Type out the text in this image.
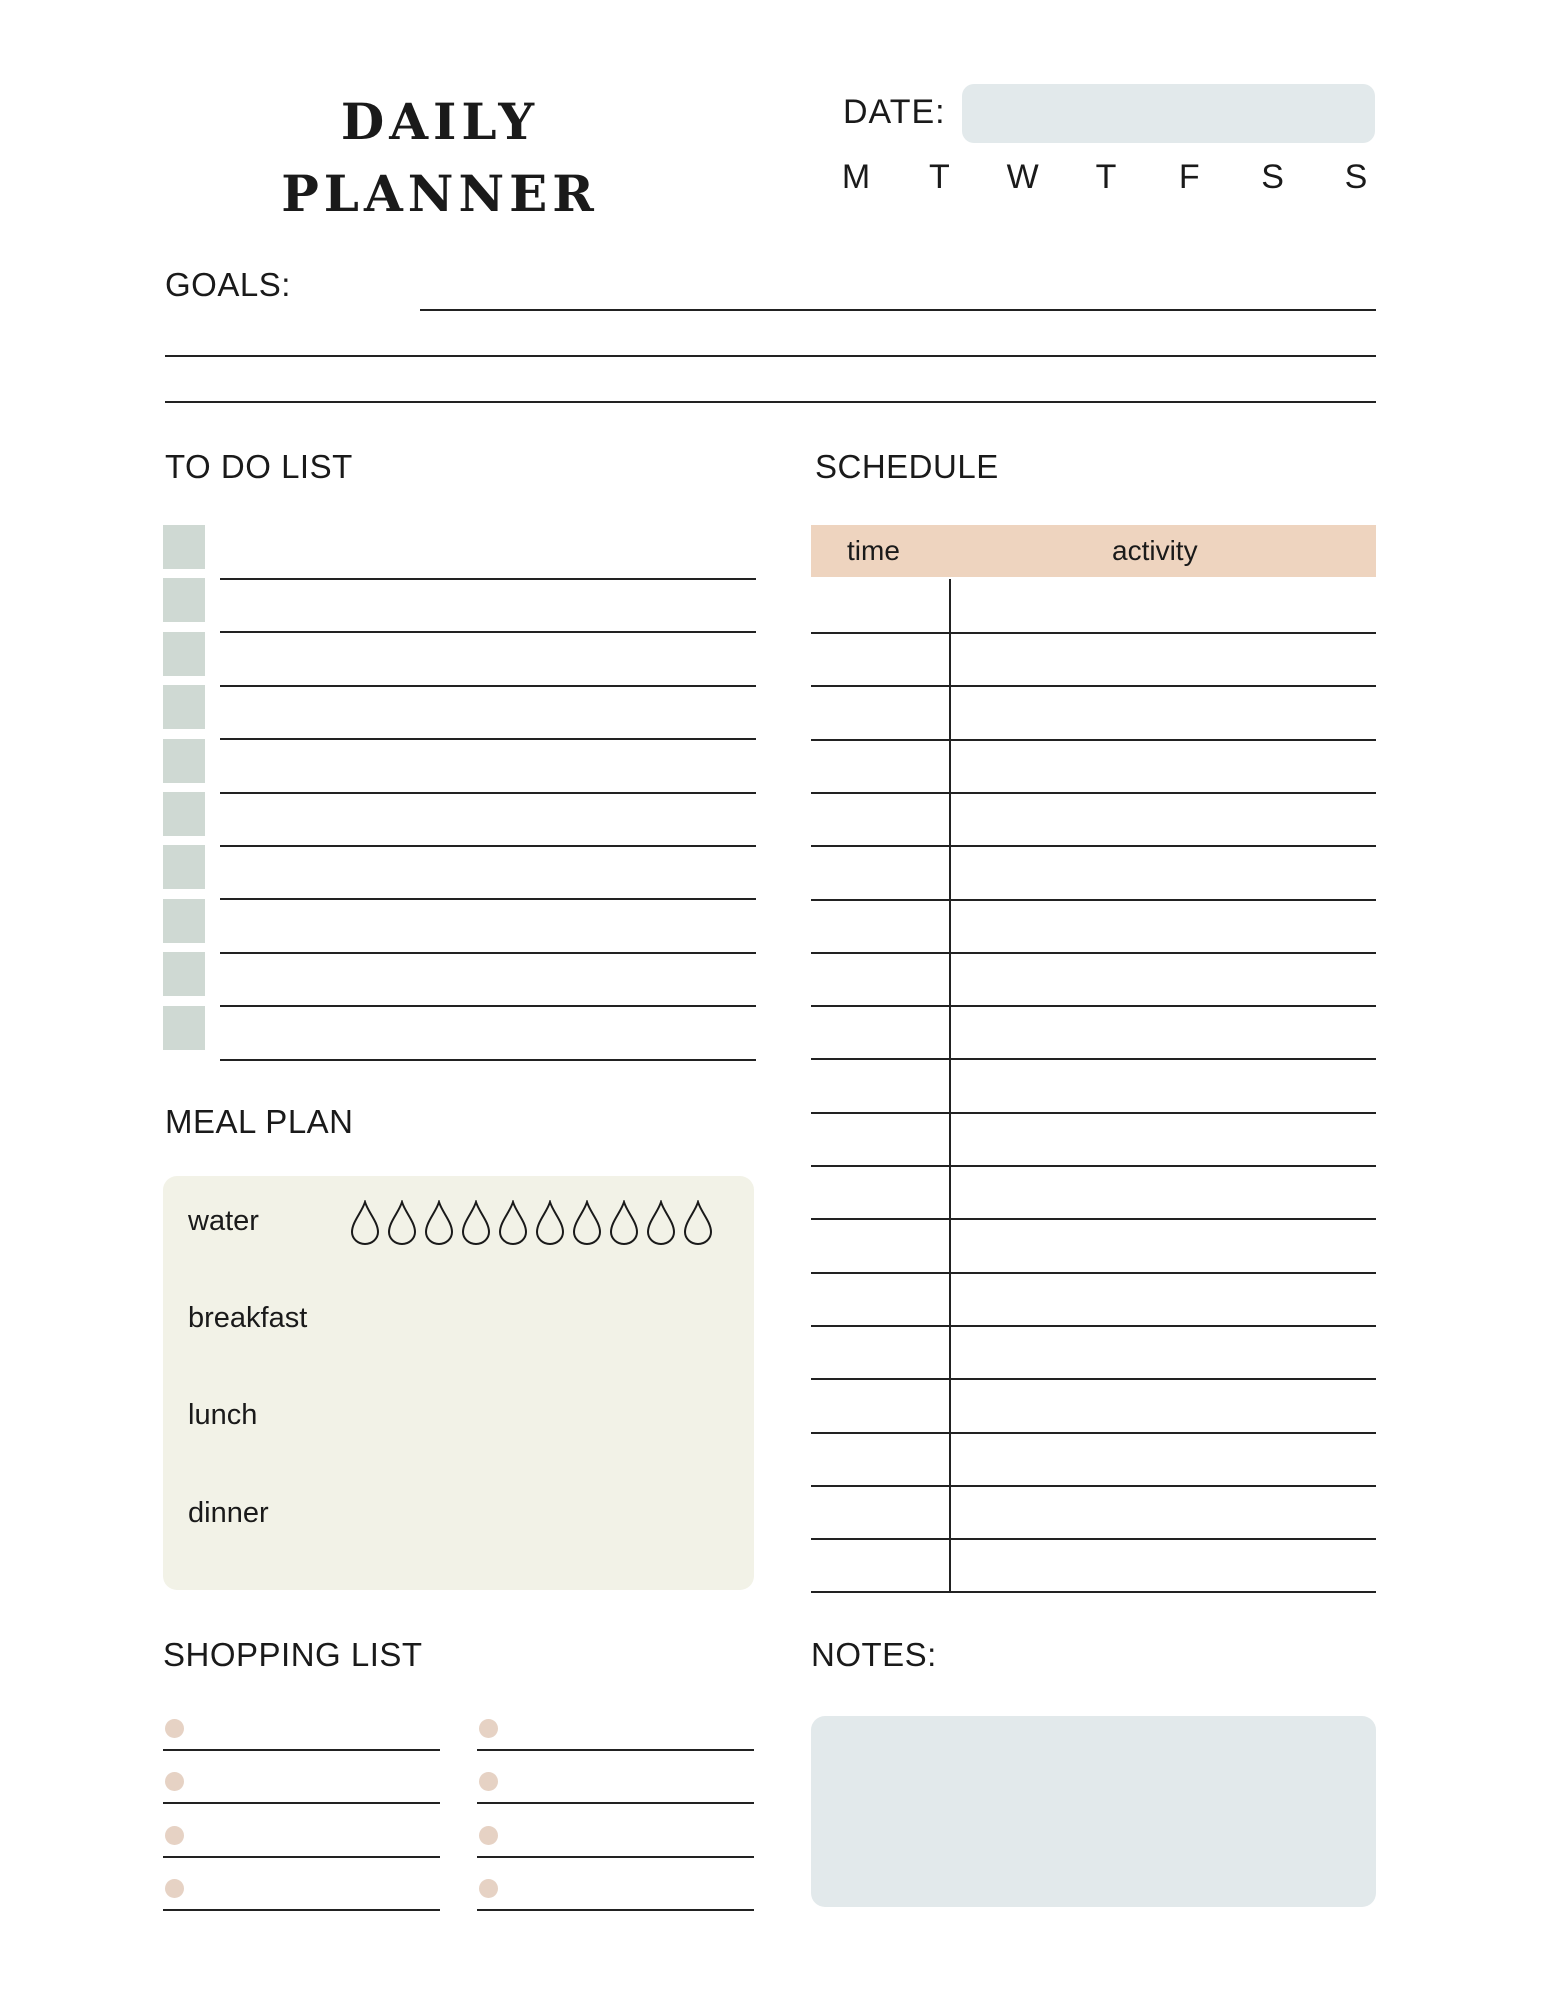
DAILY
PLANNER
DATE:
M	T	W	T	F	S	S
GOALS:
TO DO LIST	SCHEDULE
time	activity
MEAL PLAN
water
breakfast
lunch
dinner
SHOPPING LIST	NOTES:
